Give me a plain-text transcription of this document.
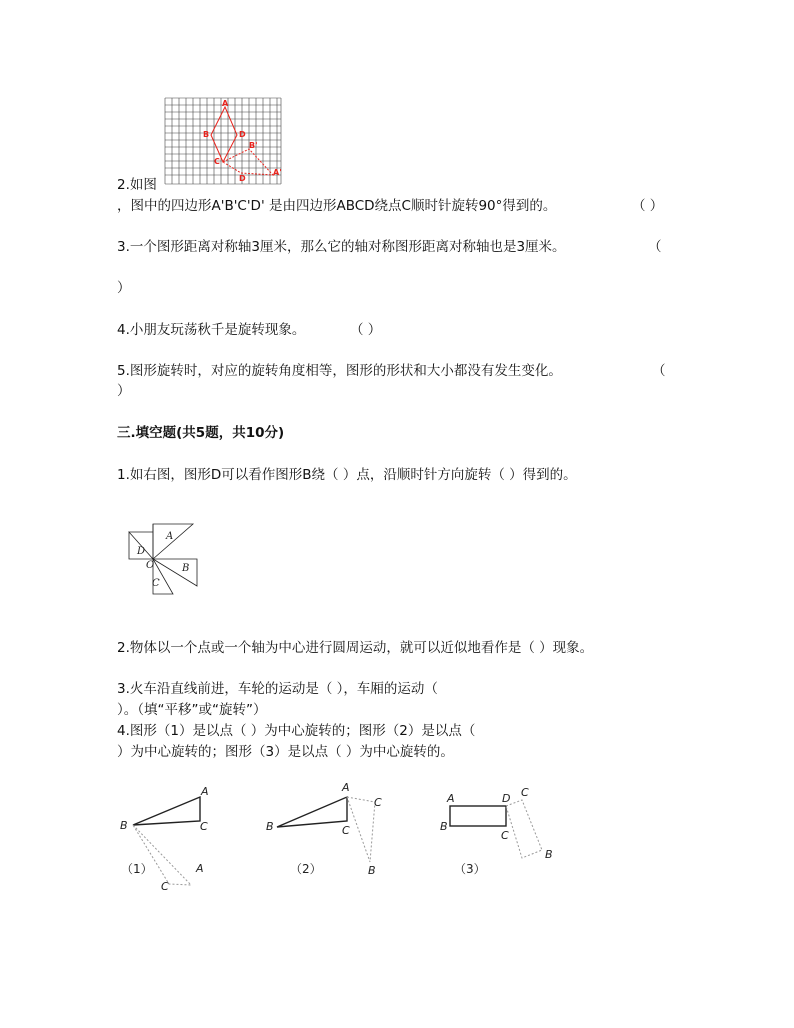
A
B	D
B'
C
D
A'
2.如图
，图中的四边形A'B'C'D' 是由四边形ABCD绕点C顺时针旋转90°得到的。	（ ）
3.一个图形距离对称轴3厘米，那么它的轴对称图形距离对称轴也是3厘米。	（
）
4.小朋友玩荡秋千是旋转现象。	（ ）
5.图形旋转时，对应的旋转角度相等，图形的形状和大小都没有发生变化。	（
）
三.填空题(共5题，共10分)
1.如右图，图形D可以看作图形B绕（ ）点，沿顺时针方向旋转（ ）得到的。
A
D
O	B
C
2.物体以一个点或一个轴为中心进行圆周运动，就可以近似地看作是（ ）现象。
3.火车沿直线前进，车轮的运动是（ ），车厢的运动（
）。（填“平移”或“旋转”）
4.图形（1）是以点（ ）为中心旋转的；图形（2）是以点（
）为中心旋转的；图形（3）是以点（ ）为中心旋转的。
A
B	C
A
C
（1）
A
B	C
C
B
（2）
A	D C
B
C
B
（3）
